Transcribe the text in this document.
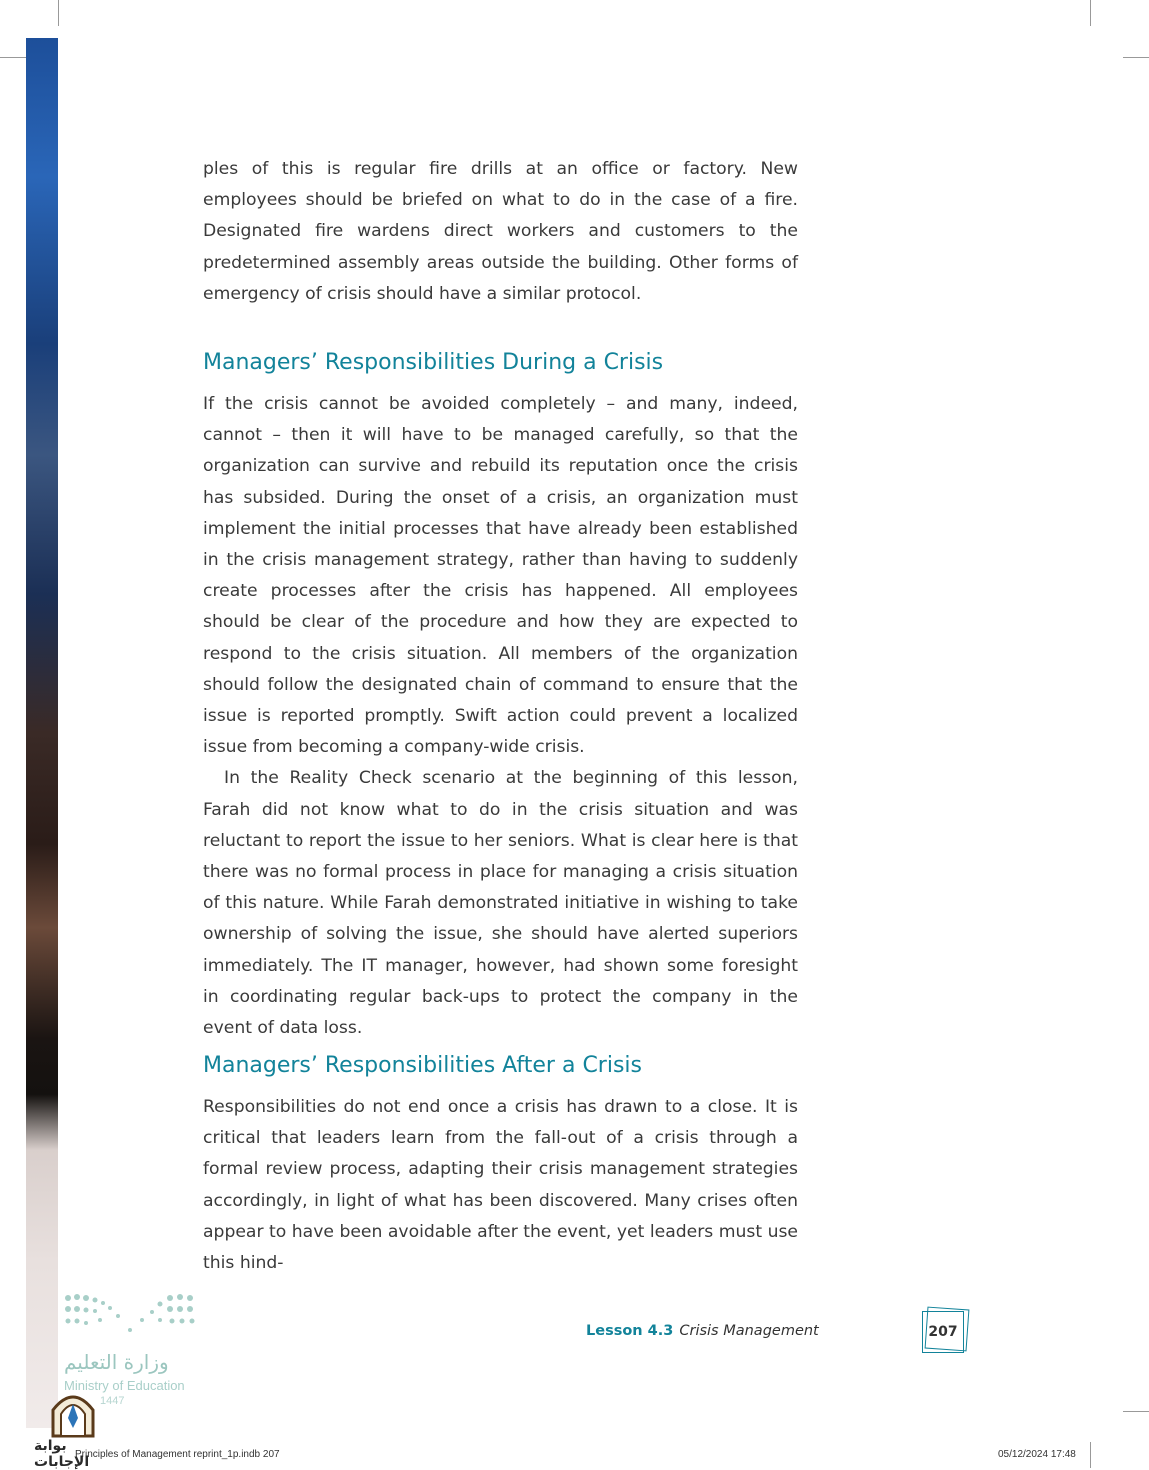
ples of this is regular fire drills at an office or factory. New employees should be briefed on what to do in the case of a fire. Designated fire wardens direct workers and customers to the predetermined assembly areas outside the building. Other forms of emergency of crisis should have a similar protocol.

Managers’ Responsibilities During a Crisis

If the crisis cannot be avoided completely – and many, indeed, cannot – then it will have to be managed carefully, so that the organization can survive and rebuild its reputation once the crisis has subsided. During the onset of a crisis, an organization must implement the initial processes that have already been established in the crisis management strategy, rather than having to suddenly create processes after the crisis has happened. All employees should be clear of the procedure and how they are expected to respond to the crisis situation. All members of the organization should follow the designated chain of command to ensure that the issue is reported promptly. Swift action could prevent a localized issue from becoming a company-wide crisis.

In the Reality Check scenario at the beginning of this lesson, Farah did not know what to do in the crisis situation and was reluctant to report the issue to her seniors. What is clear here is that there was no formal process in place for managing a crisis situation of this nature. While Farah demonstrated initiative in wishing to take ownership of solving the issue, she should have alerted superiors immediately. The IT manager, however, had shown some foresight in coordinating regular back-ups to protect the company in the event of data loss.

Managers’ Responsibilities After a Crisis

Responsibilities do not end once a crisis has drawn to a close. It is critical that leaders learn from the fall-out of a crisis through a formal review process, adapting their crisis management strategies accordingly, in light of what has been discovered. Many crises often appear to have been avoidable after the event, yet leaders must use this hind-

Lesson 4.3 Crisis Management	207
وزارة التعليم
Ministry of Education
1447
بوابة الإجابات
Principles of Management reprint_1p.indb 207	05/12/2024 17:48
